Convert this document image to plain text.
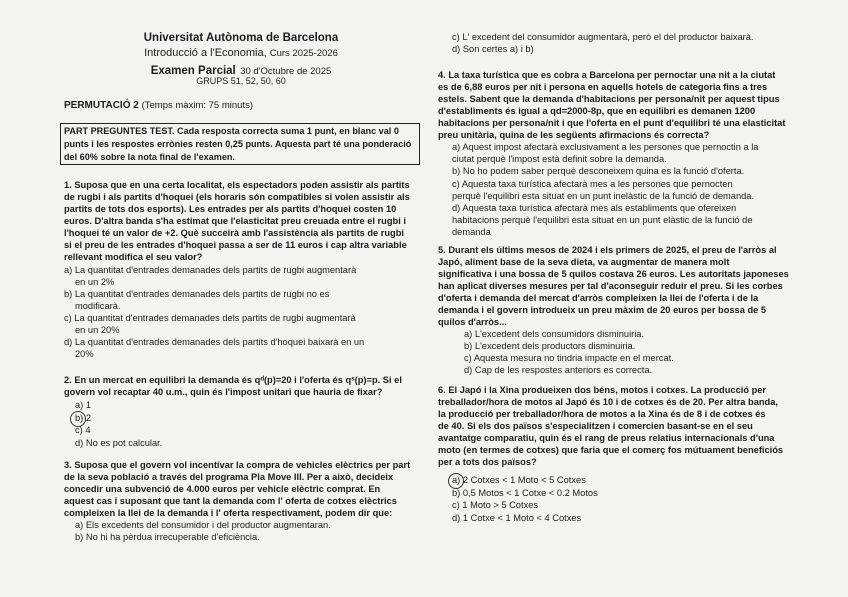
Universitat Autònoma de Barcelona
Introducció a l'Economia, Curs 2025-2026
Examen Parcial 30 d'Octubre de 2025
GRUPS 51, 52, 50, 60
PERMUTACIÓ 2 (Temps màxim: 75 minuts)
PART PREGUNTES TEST. Cada resposta correcta suma 1 punt, en blanc val 0
punts i les respostes errònies resten 0,25 punts. Aquesta part té una ponderació
del 60% sobre la nota final de l'examen.
1. Suposa que en una certa localitat, els espectadors poden assistir als partits
de rugbi i als partits d'hoquei (els horaris són compatibles si volen assistir als
partits de tots dos esports). Les entrades per als partits d'hoquei costen 10
euros. D'altra banda s'ha estimat que l'elasticitat preu creuada entre el rugbi i
l'hoquei té un valor de +2. Què succeirà amb l'assistència als partits de rugbi
si el preu de les entrades d'hoquei passa a ser de 11 euros i cap altra variable
rellevant modifica el seu valor?
a) La quantitat d'entrades demanades dels partits de rugbi augmentarà
en un 2%
b) La quantitat d'entrades demanades dels partits de rugbi no es
modificarà.
c) La quantitat d'entrades demanades dels partits de rugbi augmentarà
en un 20%
d) La quantitat d'entrades demanades dels partits d'hoquei baixarà en un
20%
2. En un mercat en equilibri la demanda és qᵈ(p)=20 i l'oferta és qˢ(p)=p. Si el
govern vol recaptar 40 u.m., quin és l'impost unitari que hauria de fixar?
a) 1
b) 2
c) 4
d) No es pot calcular.
3. Suposa que el govern vol incentivar la compra de vehicles elèctrics per part
de la seva població a través del programa Pla Move III. Per a això, decideix
concedir una subvenció de 4.000 euros per vehicle elèctric comprat. En
aquest cas i suposant que tant la demanda com l' oferta de cotxes elèctrics
compleixen la llei de la demanda i l' oferta respectivament, podem dir que:
a) Els excedents del consumidor i del productor augmentaran.
b) No hi ha pèrdua irrecuperable d'eficiència.
c) L' excedent del consumidor augmentarà, però el del productor baixarà.
d) Son certes a) i b)
4. La taxa turística que es cobra a Barcelona per pernoctar una nit a la ciutat
es de 6,88 euros per nit i persona en aquells hotels de categoria fins a tres
estels. Sabent que la demanda d'habitacions per persona/nit per aquest tipus
d'establiments és igual a qd=2000-8p, que en equilibri es demanen 1200
habitacions per persona/nit i que l'oferta en el punt d'equilibri té una elasticitat
preu unitària, quina de les següents afirmacions és correcta?
a) Aquest impost afectarà exclusivament a les persones que pernoctin a la
ciutat perquè l'impost està definit sobre la demanda.
b) No ho podem saber perquè desconeixem quina es la funció d'oferta.
c) Aquesta taxa turística afectarà mes a les persones que pernocten
perquè l'equilibri esta situat en un punt inelàstic de la funció de demanda.
d) Aquesta taxa turística afectarà mes als establiments que ofereixen
habitacions perquè l'equilibri esta situat en un punt elàstic de la funció de
demanda
5. Durant els últims mesos de 2024 i els primers de 2025, el preu de l'arròs al
Japó, aliment base de la seva dieta, va augmentar de manera molt
significativa i una bossa de 5 quilos costava 26 euros. Les autoritats japoneses
han aplicat diverses mesures per tal d'aconseguir reduir el preu. Si les corbes
d'oferta i demanda del mercat d'arròs compleixen la llei de l'oferta i de la
demanda i el govern introdueix un preu màxim de 20 euros per bossa de 5
quilos d'arròs...
a) L'excedent dels consumidors disminuiria.
b) L'excedent dels productors disminuiria.
c) Aquesta mesura no tindria impacte en el mercat.
d) Cap de les respostes anteriors es correcta.
6. El Japó i la Xina produeixen dos béns, motos i cotxes. La producció per
treballador/hora de motos al Japó és 10 i de cotxes és de 20. Per altra banda,
la producció per treballador/hora de motos a la Xina és de 8 i de cotxes és
de 40. Si els dos països s'especialitzen i comercien basant-se en el seu
avantatge comparatiu, quin és el rang de preus relatius internacionals d'una
moto (en termes de cotxes) que faria que el comerç fos mútuament beneficiós
per a tots dos països?
a) 2 Cotxes < 1 Moto < 5 Cotxes
b) 0,5 Motos < 1 Cotxe < 0.2 Motos
c) 1 Moto > 5 Cotxes
d) 1 Cotxe < 1 Moto < 4 Cotxes
